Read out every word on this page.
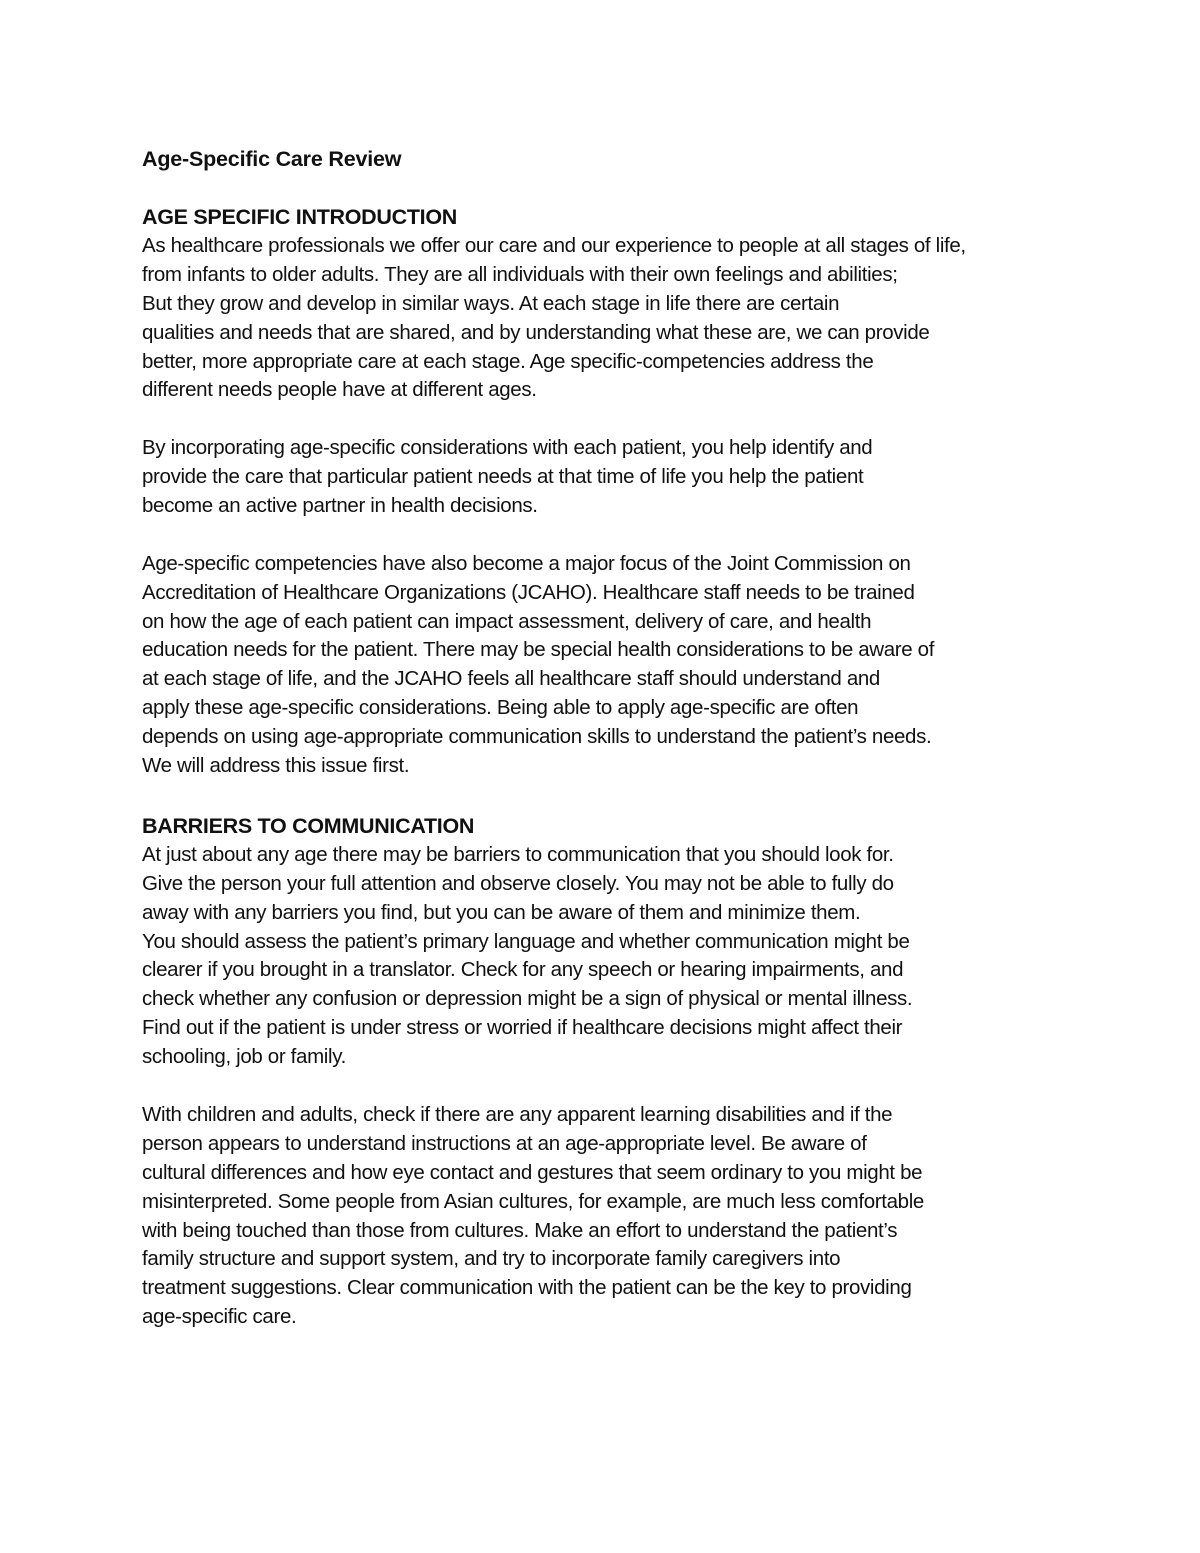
Age-Specific Care Review
AGE SPECIFIC INTRODUCTION
As healthcare professionals we offer our care and our experience to people at all stages of life,
from infants to older adults. They are all individuals with their own feelings and abilities;
But they grow and develop in similar ways. At each stage in life there are certain
qualities and needs that are shared, and by understanding what these are, we can provide
better, more appropriate care at each stage. Age specific-competencies address the
different needs people have at different ages.
By incorporating age-specific considerations with each patient, you help identify and
provide the care that particular patient needs at that time of life you help the patient
become an active partner in health decisions.
Age-specific competencies have also become a major focus of the Joint Commission on
Accreditation of Healthcare Organizations (JCAHO). Healthcare staff needs to be trained
on how the age of each patient can impact assessment, delivery of care, and health
education needs for the patient. There may be special health considerations to be aware of
at each stage of life, and the JCAHO feels all healthcare staff should understand and
apply these age-specific considerations. Being able to apply age-specific are often
depends on using age-appropriate communication skills to understand the patient’s needs.
We will address this issue first.
BARRIERS TO COMMUNICATION
At just about any age there may be barriers to communication that you should look for.
Give the person your full attention and observe closely. You may not be able to fully do
away with any barriers you find, but you can be aware of them and minimize them.
You should assess the patient’s primary language and whether communication might be
clearer if you brought in a translator. Check for any speech or hearing impairments, and
check whether any confusion or depression might be a sign of physical or mental illness.
Find out if the patient is under stress or worried if healthcare decisions might affect their
schooling, job or family.
With children and adults, check if there are any apparent learning disabilities and if the
person appears to understand instructions at an age-appropriate level. Be aware of
cultural differences and how eye contact and gestures that seem ordinary to you might be
misinterpreted. Some people from Asian cultures, for example, are much less comfortable
with being touched than those from cultures. Make an effort to understand the patient’s
family structure and support system, and try to incorporate family caregivers into
treatment suggestions. Clear communication with the patient can be the key to providing
age-specific care.
